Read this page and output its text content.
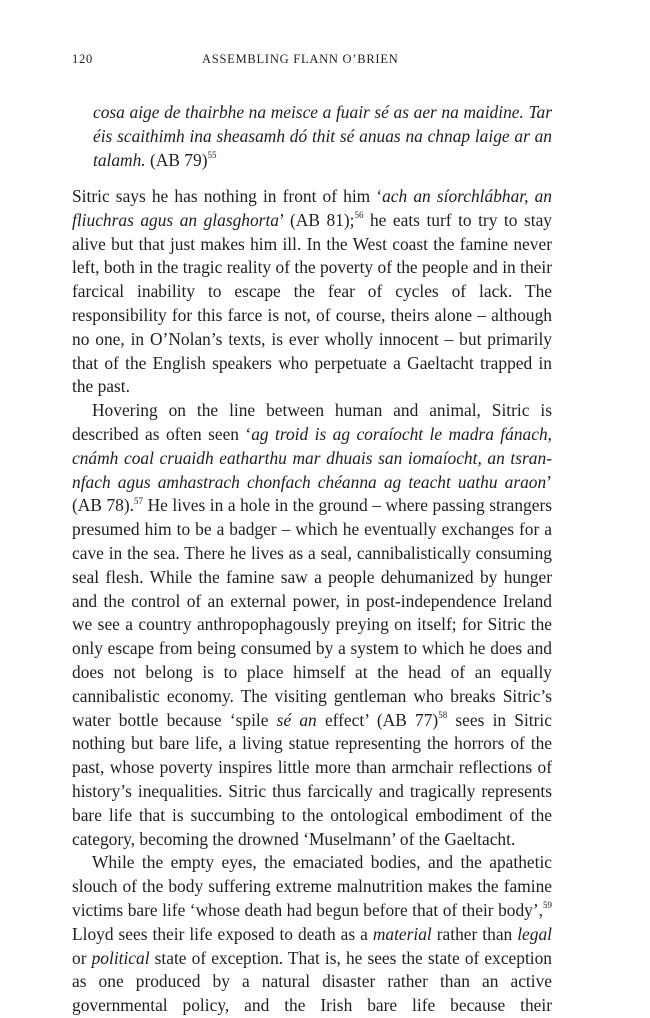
120	ASSEMBLING FLANN O’BRIEN
cosa aige de thairbhe na meisce a fuair sé as aer na maidine. Tar éis scaithimh ina sheasamh dó thit sé anuas na chnap laige ar an talamh. (AB 79)$^{55}$

Sitric says he has nothing in front of him ‘ach an síorchlábhar, an fliuchras agus an glasghorta’ (AB 81);$^{56}$ he eats turf to try to stay alive but that just makes him ill. In the West coast the famine never left, both in the tragic reality of the poverty of the people and in their farcical inability to escape the fear of cycles of lack. The responsibility for this farce is not, of course, theirs alone – although no one, in O’Nolan’s texts, is ever wholly innocent – but primarily that of the English speakers who perpetuate a Gaeltacht trapped in the past.

Hovering on the line between human and animal, Sitric is described as often seen ‘ag troid is ag coraíocht le madra fánach, cnámh coal cruaidh eatharthu mar dhuais san iomaíocht, an tsrannfach agus amhastrach chonfach chéanna ag teacht uathu araon’ (AB 78).$^{57}$ He lives in a hole in the ground – where passing strangers presumed him to be a badger – which he eventually exchanges for a cave in the sea. There he lives as a seal, cannibalistically consuming seal flesh. While the famine saw a people dehumanized by hunger and the control of an external power, in post-independence Ireland we see a country anthropophagously preying on itself; for Sitric the only escape from being consumed by a system to which he does and does not belong is to place himself at the head of an equally cannibalistic economy. The visiting gentleman who breaks Sitric’s water bottle because ‘spile sé an effect’ (AB 77)$^{58}$ sees in Sitric nothing but bare life, a living statue representing the horrors of the past, whose poverty inspires little more than armchair reflections of history’s inequalities. Sitric thus farcically and tragically represents bare life that is succumbing to the ontological embodiment of the category, becoming the drowned ‘Muselmann’ of the Gaeltacht.

While the empty eyes, the emaciated bodies, and the apathetic slouch of the body suffering extreme malnutrition makes the famine victims bare life ‘whose death had begun before that of their body’,$^{59}$ Lloyd sees their life exposed to death as a material rather than legal or political state of exception. That is, he sees the state of exception as one produced by a natural disaster rather than an active governmental policy, and the Irish bare life because their
